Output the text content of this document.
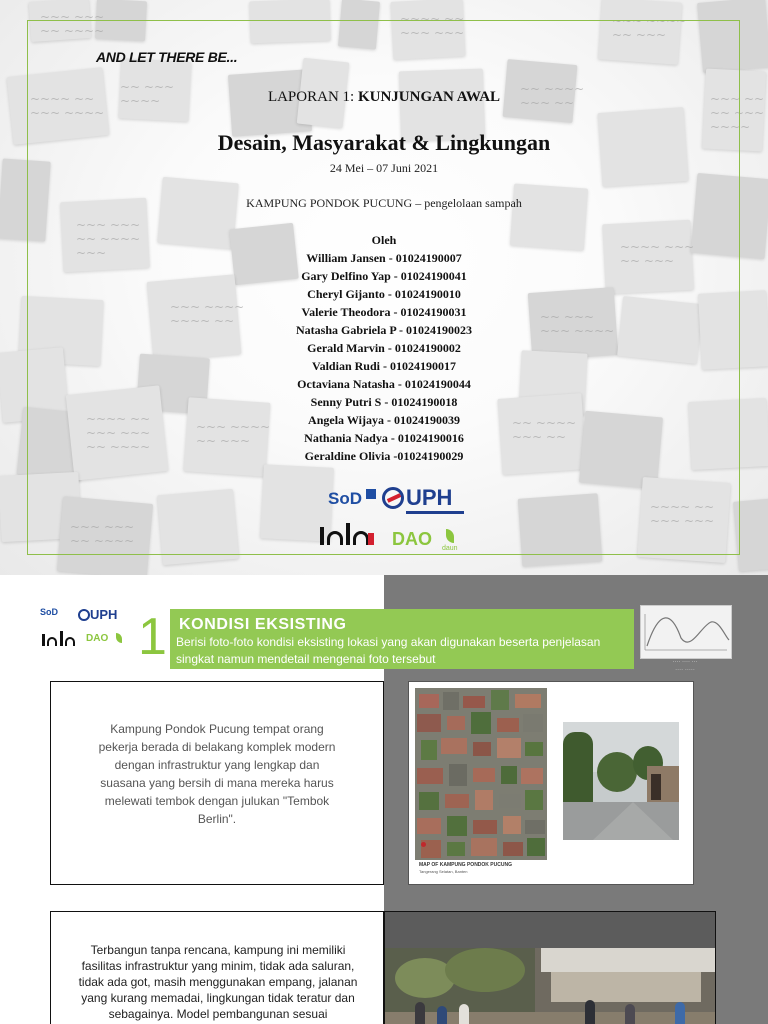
~~~ ~~~
~~ ~~~~
~~~~ ~~
~~~ ~~~
~~~ ~~~~
~~ ~~~
~~~~ ~~
~~~ ~~~~
~~ ~~~
~~~~
~~ ~~~~
~~~ ~~	~~~ ~~
~~ ~~~
~~~~
~~~ ~~~
~~ ~~~~
~~~	~~~~ ~~~
~~ ~~~
~~~ ~~~~
~~~~ ~~	~~ ~~~
~~~ ~~~~
~~~~ ~~
~~~ ~~~
~~ ~~~~
~~~ ~~~~
~~ ~~~
~~ ~~~~
~~~ ~~
~~~~ ~~
~~~ ~~~
~~~ ~~~
~~ ~~~~
AND LET THERE BE...
LAPORAN 1: KUNJUNGAN AWAL
Desain, Masyarakat & Lingkungan
24 Mei – 07 Juni 2021
KAMPUNG PONDOK PUCUNG – pengelolaan sampah
Oleh
William Jansen - 01024190007
Gary Delfino Yap - 01024190041
Cheryl Gijanto - 01024190010
Valerie Theodora - 01024190031
Natasha Gabriela P - 01024190023
Gerald Marvin - 01024190002
Valdian Rudi - 01024190017
Octaviana Natasha - 01024190044
Senny Putri S - 01024190018
Angela Wijaya - 01024190039
Nathania Nadya - 01024190016
Geraldine Olivia -01024190029
SoD UPH
DAO daun
SoD UPH
DAO 1 KONDISI EKSISTING
Berisi foto-foto kondisi eksisting lokasi yang akan digunakan beserta penjelasan singkat namun mendetail mengenai foto tersebut	···· ···· ···
···· ·····

Kampung Pondok Pucung tempat orang pekerja berada di belakang komplek modern dengan infrastruktur yang lengkap dan suasana yang bersih di mana mereka harus melewati tembok dengan julukan "Tembok Berlin".

MAP OF KAMPUNG PONDOK PUCUNG
Tangerang Selatan, Banten

Terbangun tanpa rencana, kampung ini memiliki fasilitas infrastruktur yang minim, tidak ada saluran, tidak ada got, masih menggunakan empang, jalanan yang kurang memadai, lingkungan tidak teratur dan sebagainya. Model pembangunan sesuai
